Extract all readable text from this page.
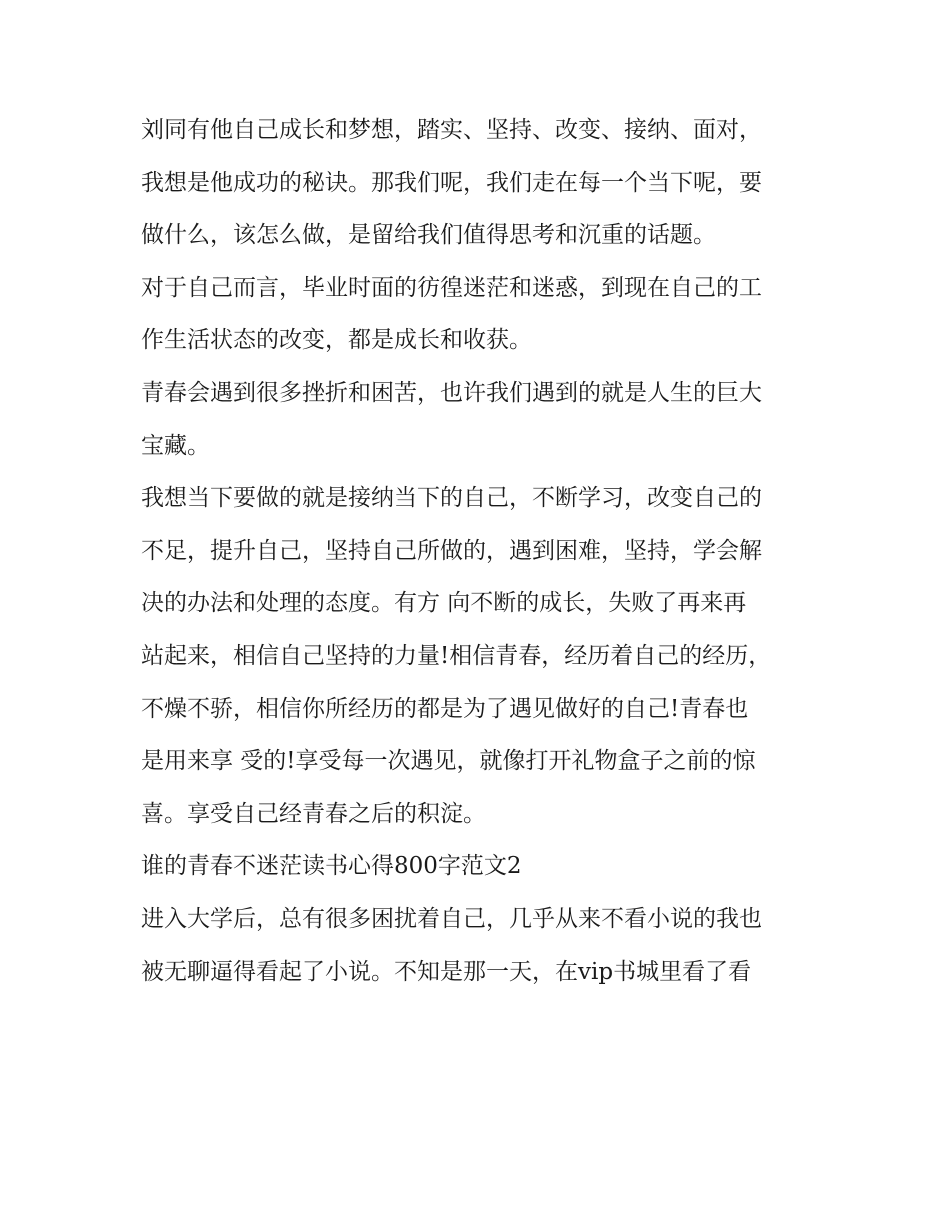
刘同有他自己成长和梦想，踏实、坚持、改变、接纳、面对，
我想是他成功的秘诀。那我们呢，我们走在每一个当下呢，要
做什么，该怎么做，是留给我们值得思考和沉重的话题。
对于自己而言，毕业时面的彷徨迷茫和迷惑，到现在自己的工
作生活状态的改变，都是成长和收获。
青春会遇到很多挫折和困苦，也许我们遇到的就是人生的巨大
宝藏。
我想当下要做的就是接纳当下的自己，不断学习，改变自己的
不足，提升自己，坚持自己所做的，遇到困难，坚持，学会解
决的办法和处理的态度。有方 向不断的成长，失败了再来再
站起来，相信自己坚持的力量!相信青春，经历着自己的经历，
不燥不骄，相信你所经历的都是为了遇见做好的自己!青春也
是用来享 受的!享受每一次遇见，就像打开礼物盒子之前的惊
喜。享受自己经青春之后的积淀。
谁的青春不迷茫读书心得800字范文2
进入大学后，总有很多困扰着自己，几乎从来不看小说的我也
被无聊逼得看起了小说。不知是那一天，在vip书城里看了看
